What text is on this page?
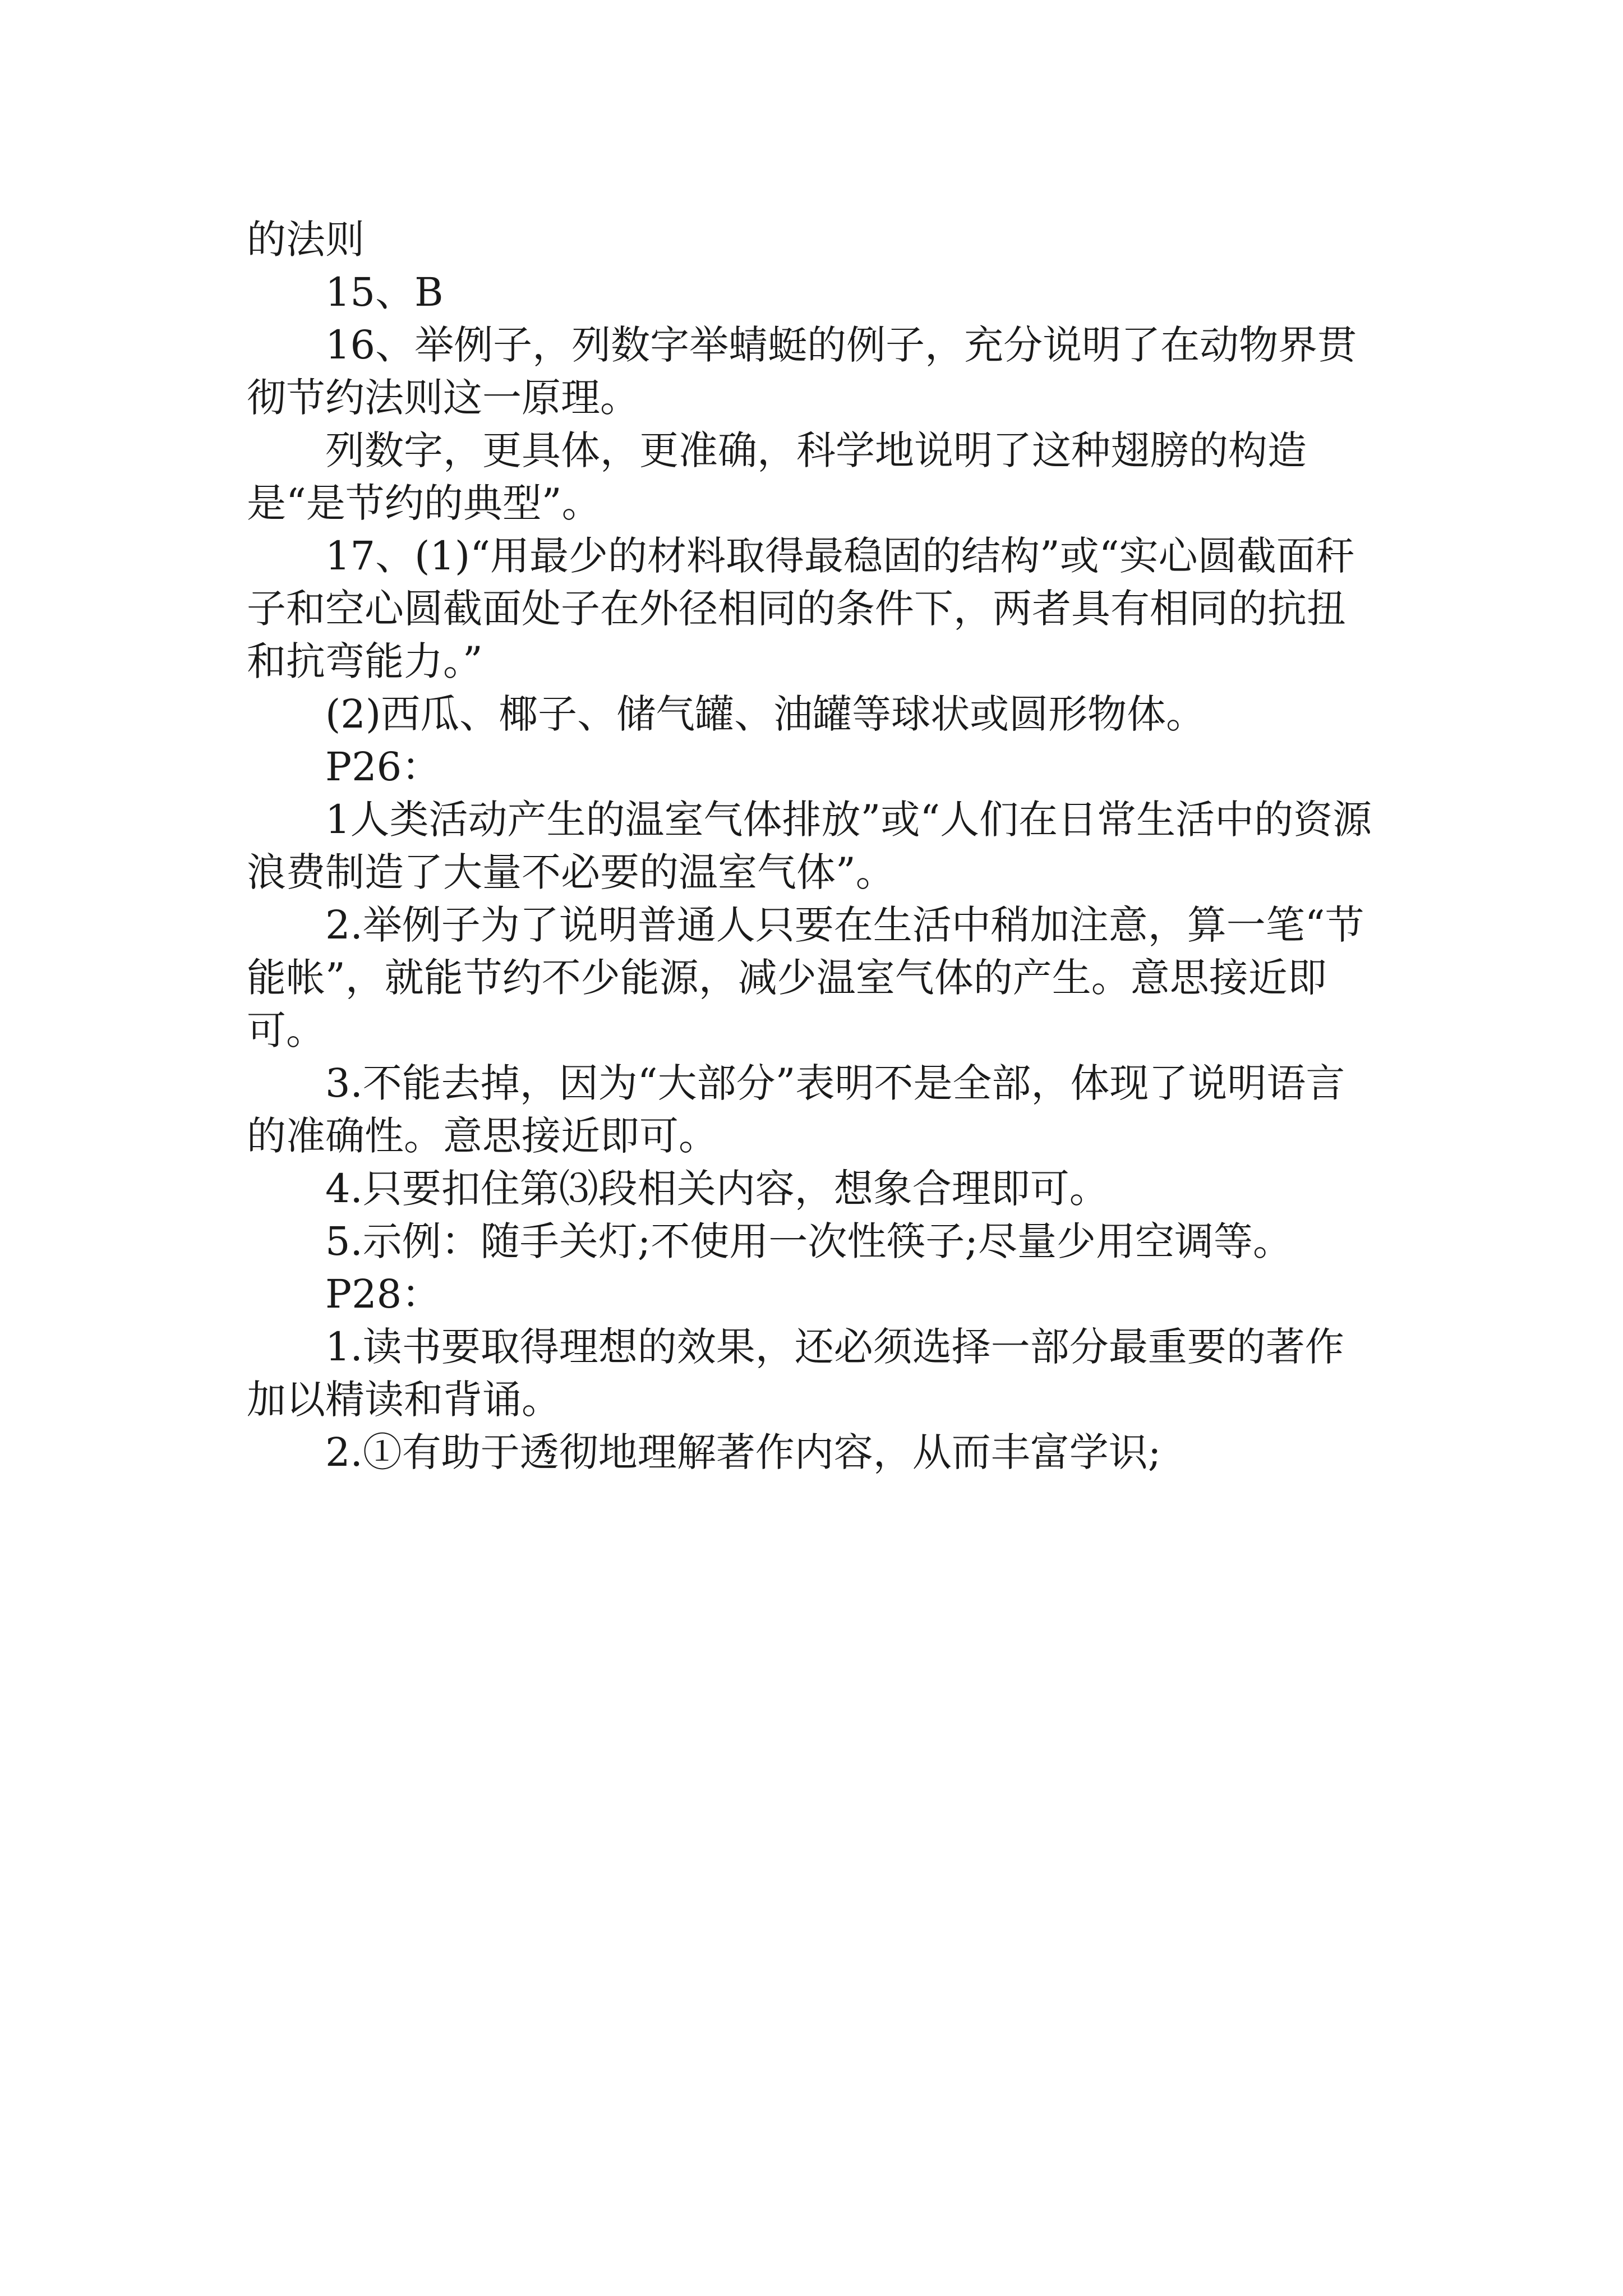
的法则

15、B

16、举例子，列数字举蜻蜓的例子，充分说明了在动物界贯彻节约法则这一原理。

列数字，更具体，更准确，科学地说明了这种翅膀的构造是“是节约的典型”。

17、(1)“用最少的材料取得最稳固的结构”或“实心圆截面秆子和空心圆截面处子在外径相同的条件下，两者具有相同的抗扭和抗弯能力。”

(2)西瓜、椰子、储气罐、油罐等球状或圆形物体。

P26：

1人类活动产生的温室气体排放”或“人们在日常生活中的资源浪费制造了大量不必要的温室气体”。

2.举例子为了说明普通人只要在生活中稍加注意，算一笔“节能帐”，就能节约不少能源，减少温室气体的产生。意思接近即可。

3.不能去掉，因为“大部分”表明不是全部，体现了说明语言的准确性。意思接近即可。

4.只要扣住第⑶段相关内容，想象合理即可。

5.示例：随手关灯;不使用一次性筷子;尽量少用空调等。

P28：

1.读书要取得理想的效果，还必须选择一部分最重要的著作加以精读和背诵。

2.①有助于透彻地理解著作内容，从而丰富学识;
